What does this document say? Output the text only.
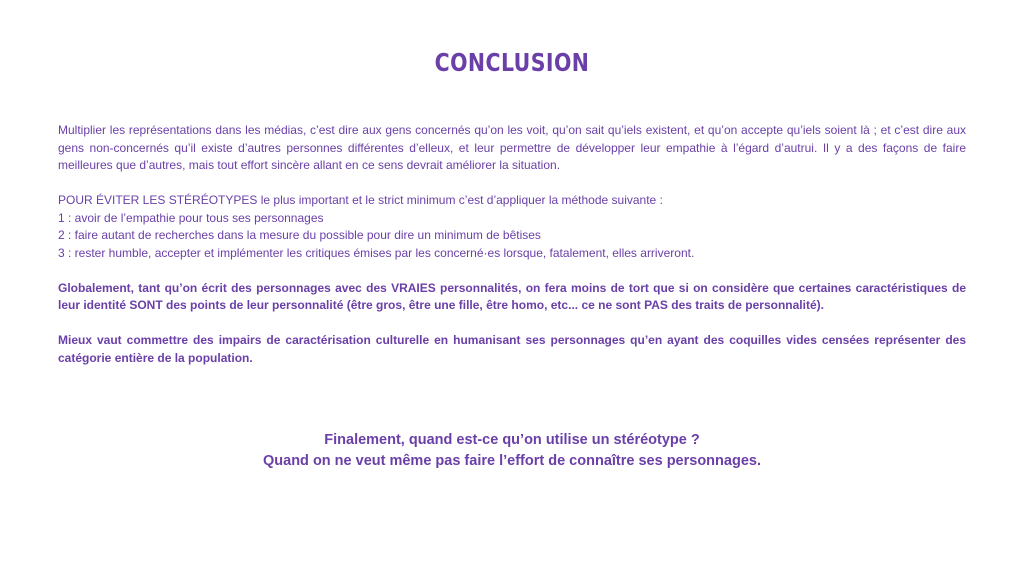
CONCLUSION

Multiplier les représentations dans les médias, c’est dire aux gens concernés qu’on les voit, qu’on sait qu’iels existent, et qu’on accepte qu’iels soient là ; et c’est dire aux gens non-concernés qu’il existe d’autres personnes différentes d’elleux, et leur permettre de développer leur empathie à l’égard d’autrui. Il y a des façons de faire meilleures que d’autres, mais tout effort sincère allant en ce sens devrait améliorer la situation.

POUR ÉVITER LES STÉRÉOTYPES le plus important et le strict minimum c’est d’appliquer la méthode suivante :

1 : avoir de l’empathie pour tous ses personnages

2 : faire autant de recherches dans la mesure du possible pour dire un minimum de bêtises

3 : rester humble, accepter et implémenter les critiques émises par les concerné·es lorsque, fatalement, elles arriveront.

Globalement, tant qu’on écrit des personnages avec des VRAIES personnalités, on fera moins de tort que si on considère que certaines caractéristiques de leur identité SONT des points de leur personnalité (être gros, être une fille, être homo, etc... ce ne sont PAS des traits de personnalité).

Mieux vaut commettre des impairs de caractérisation culturelle en humanisant ses personnages qu’en ayant des coquilles vides censées représenter des catégorie entière de la population.

Finalement, quand est-ce qu’on utilise un stéréotype ?
Quand on ne veut même pas faire l’effort de connaître ses personnages.
